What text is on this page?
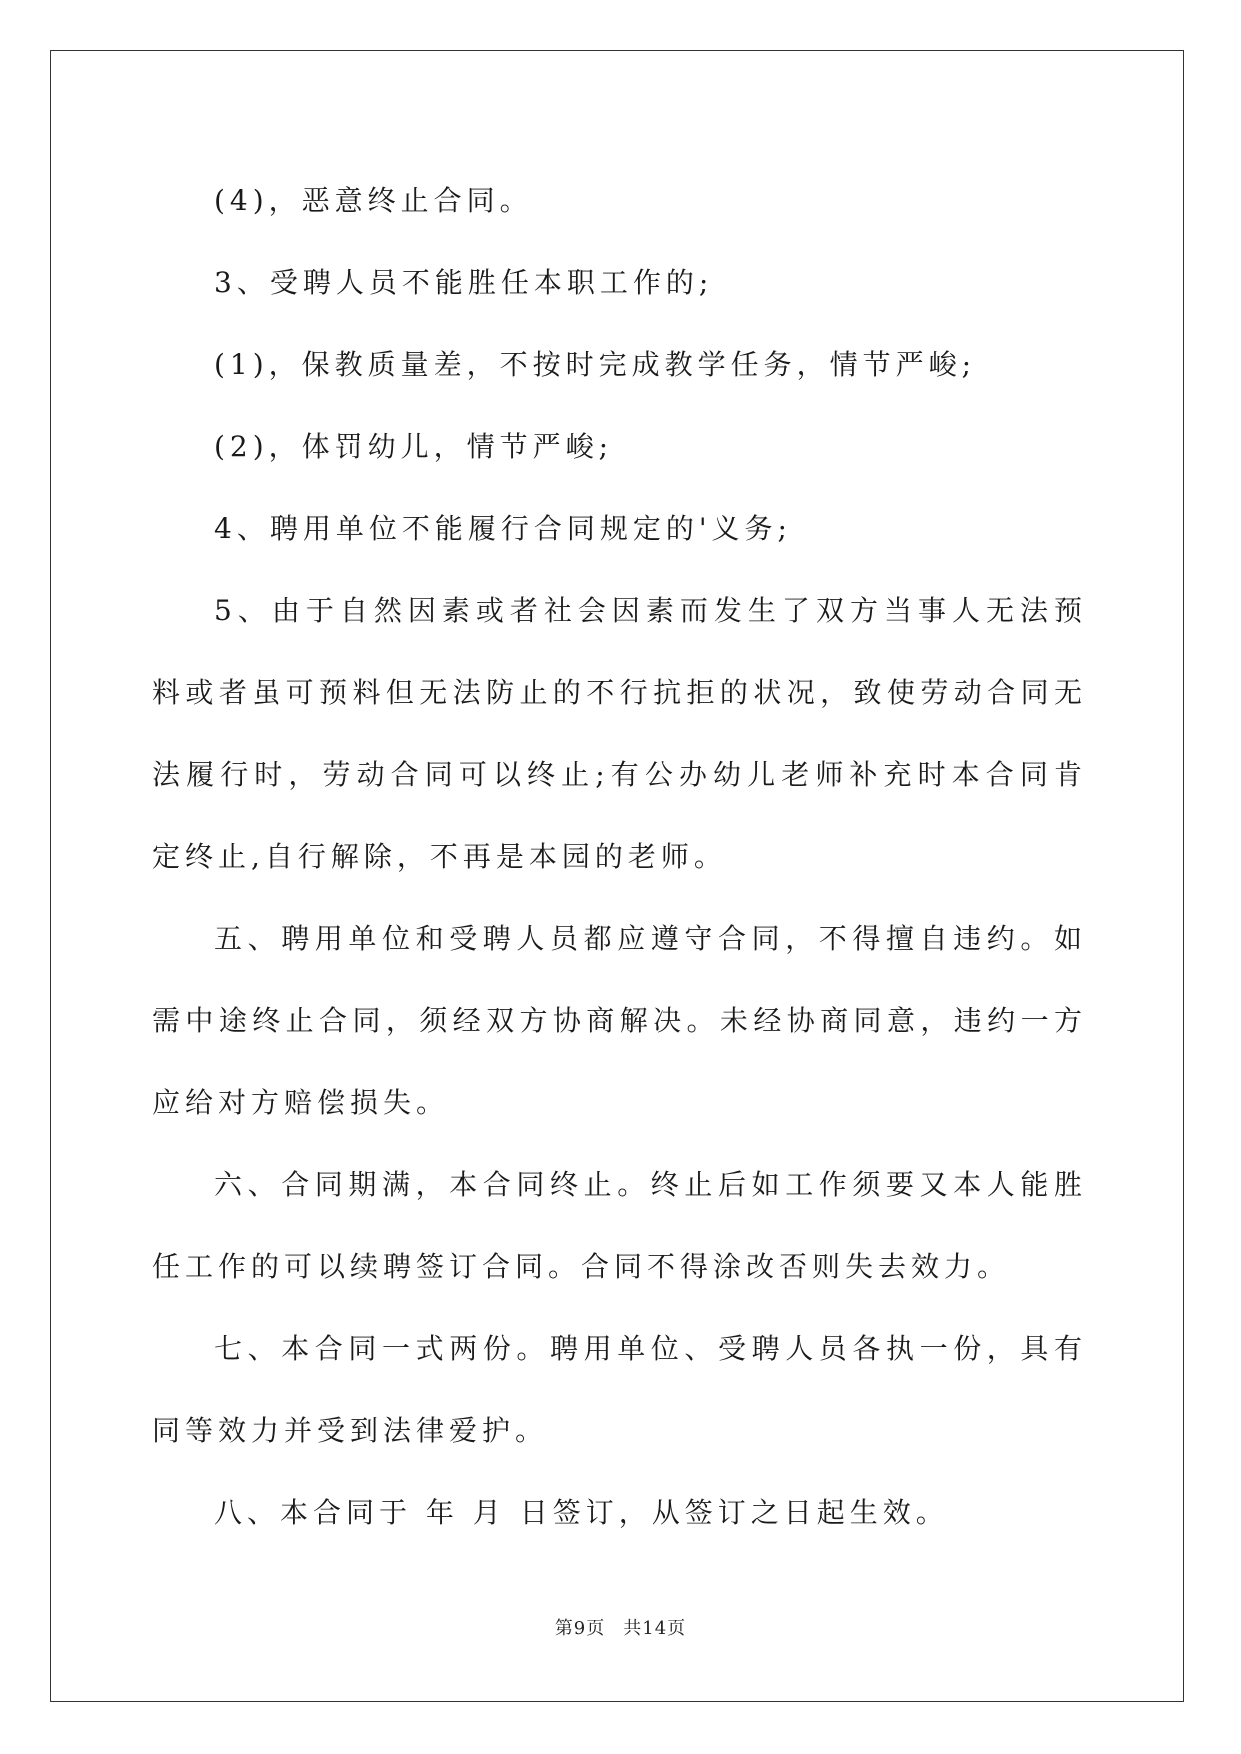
(4)，恶意终止合同。

3、受聘人员不能胜任本职工作的;

(1)，保教质量差，不按时完成教学任务，情节严峻;

(2)，体罚幼儿，情节严峻;

4、聘用单位不能履行合同规定的'义务;

5、由于自然因素或者社会因素而发生了双方当事人无法预料或者虽可预料但无法防止的不行抗拒的状况，致使劳动合同无法履行时，劳动合同可以终止;有公办幼儿老师补充时本合同肯定终止,自行解除，不再是本园的老师。

五、聘用单位和受聘人员都应遵守合同，不得擅自违约。如需中途终止合同，须经双方协商解决。未经协商同意，违约一方应给对方赔偿损失。

六、合同期满，本合同终止。终止后如工作须要又本人能胜任工作的可以续聘签订合同。合同不得涂改否则失去效力。

七、本合同一式两份。聘用单位、受聘人员各执一份，具有同等效力并受到法律爱护。

八、本合同于 年 月 日签订，从签订之日起生效。

第9页 共14页
